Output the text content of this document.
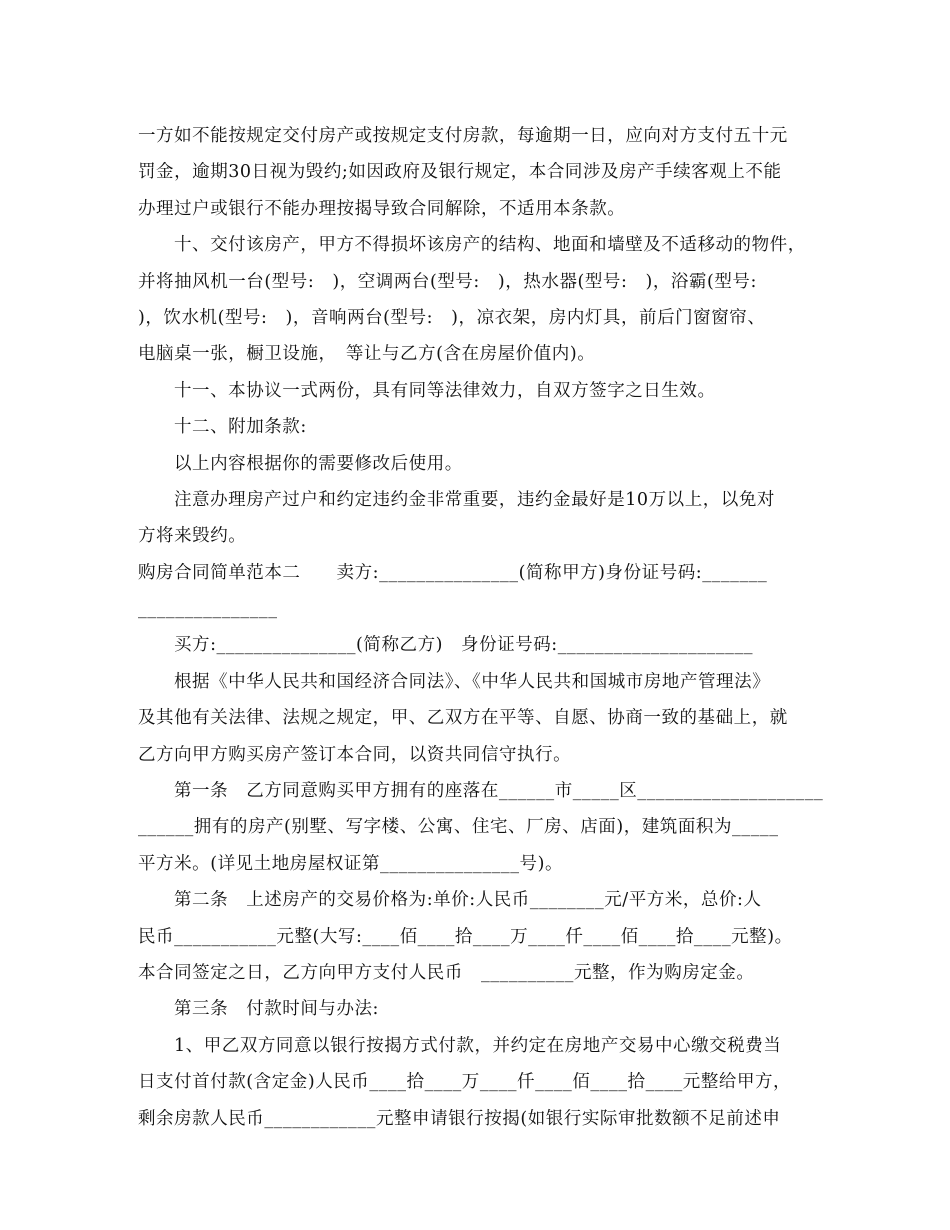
一方如不能按规定交付房产或按规定支付房款，每逾期一日，应向对方支付五十元
罚金，逾期30日视为毁约;如因政府及银行规定，本合同涉及房产手续客观上不能
办理过户或银行不能办理按揭导致合同解除，不适用本条款。
十、交付该房产，甲方不得损坏该房产的结构、地面和墙壁及不适移动的物件，
并将抽风机一台(型号:　)，空调两台(型号:　)，热水器(型号:　)，浴霸(型号:
)，饮水机(型号:　)，音响两台(型号:　)，凉衣架，房内灯具，前后门窗窗帘、
电脑桌一张，橱卫设施，　等让与乙方(含在房屋价值内)。
十一、本协议一式两份，具有同等法律效力，自双方签字之日生效。
十二、附加条款:
以上内容根据你的需要修改后使用。
注意办理房产过户和约定违约金非常重要，违约金最好是10万以上，以免对
方将来毁约。
购房合同简单范本二　　卖方:_______________(简称甲方)身份证号码:_______
_______________
买方:_______________(简称乙方)　身份证号码:_____________________
根据《中华人民共和国经济合同法》、《中华人民共和国城市房地产管理法》
及其他有关法律、法规之规定，甲、乙双方在平等、自愿、协商一致的基础上，就
乙方向甲方购买房产签订本合同，以资共同信守执行。
第一条　乙方同意购买甲方拥有的座落在______市_____区____________________
______拥有的房产(别墅、写字楼、公寓、住宅、厂房、店面)，建筑面积为_____
平方米。(详见土地房屋权证第_______________号)。
第二条　上述房产的交易价格为:单价:人民币________元/平方米，总价:人
民币___________元整(大写:____佰____拾____万____仟____佰____拾____元整)。
本合同签定之日，乙方向甲方支付人民币　__________元整，作为购房定金。
第三条　付款时间与办法:
1、甲乙双方同意以银行按揭方式付款，并约定在房地产交易中心缴交税费当
日支付首付款(含定金)人民币____拾____万____仟____佰____拾____元整给甲方，
剩余房款人民币____________元整申请银行按揭(如银行实际审批数额不足前述申
